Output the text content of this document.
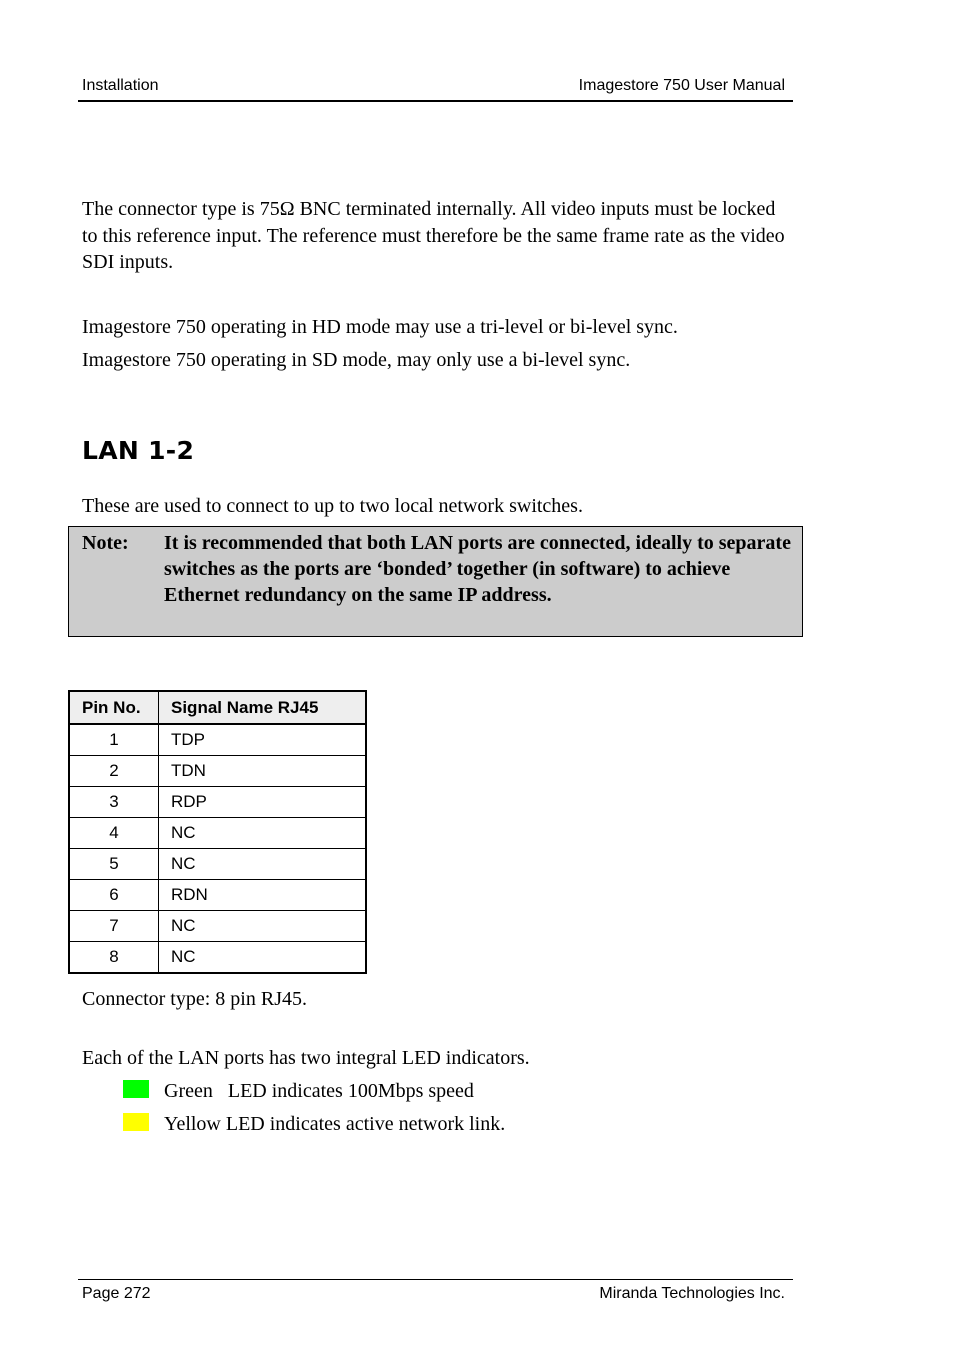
Installation	Imagestore 750 User Manual
The connector type is 75Ω BNC terminated internally. All video inputs must be locked to this reference input. The reference must therefore be the same frame rate as the video SDI inputs.
Imagestore 750 operating in HD mode may use a tri-level or bi-level sync.
Imagestore 750 operating in SD mode, may only use a bi-level sync.
LAN 1-2
These are used to connect to up to two local network switches.
Note: It is recommended that both LAN ports are connected, ideally to separate switches as the ports are ‘bonded’ together (in software) to achieve Ethernet redundancy on the same IP address.
Pin No.	Signal Name RJ45
1	TDP
2	TDN
3	RDP
4	NC
5	NC
6	RDN
7	NC
8	NC
Connector type: 8 pin RJ45.
Each of the LAN ports has two integral LED indicators.
Green   LED indicates 100Mbps speed
Yellow LED indicates active network link.
Page 272	Miranda Technologies Inc.
